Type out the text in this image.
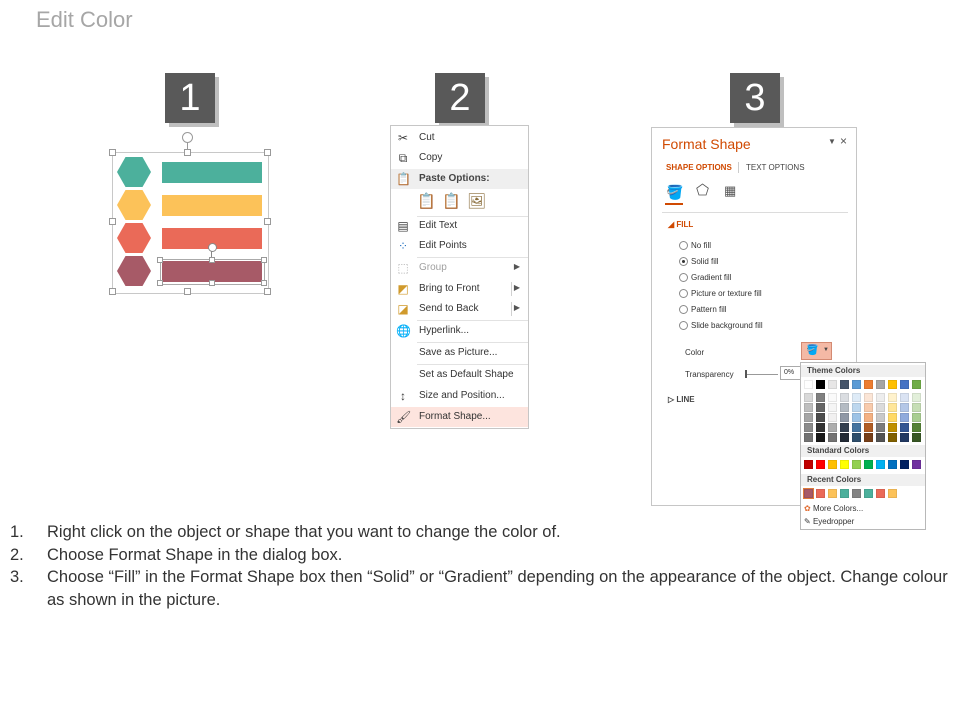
Edit Color
1	2	3
✂ Cut
⧉ Copy
📋 Paste Options:
📋 📋 🖼
▤ Edit Text
⁘ Edit Points
⬚ Group	▶
◩ Bring to Front	▶
◪ Send to Back	▶
🌐 Hyperlink...
Save as Picture...
Set as Default Shape
↕	Size and Position...
🖌 Format Shape...
Format Shape	▼ ×
SHAPE OPTIONS TEXT OPTIONS
🪣 ⬠ ▦
◢ FILL
No fill
Solid fill
Gradient fill
Picture or texture fill
Pattern fill
Slide background fill
Color	🪣 ▼
Transparency	0%
▷ LINE
Theme Colors
Standard Colors
Recent Colors
✿ More Colors...
✎ Eyedropper
1. Right click on the object or shape that you want to change the color of.
2. Choose Format Shape in the dialog box.
3. Choose “Fill” in the Format Shape box then “Solid” or “Gradient” depending on the appearance of the object. Change colour as shown in the picture.
